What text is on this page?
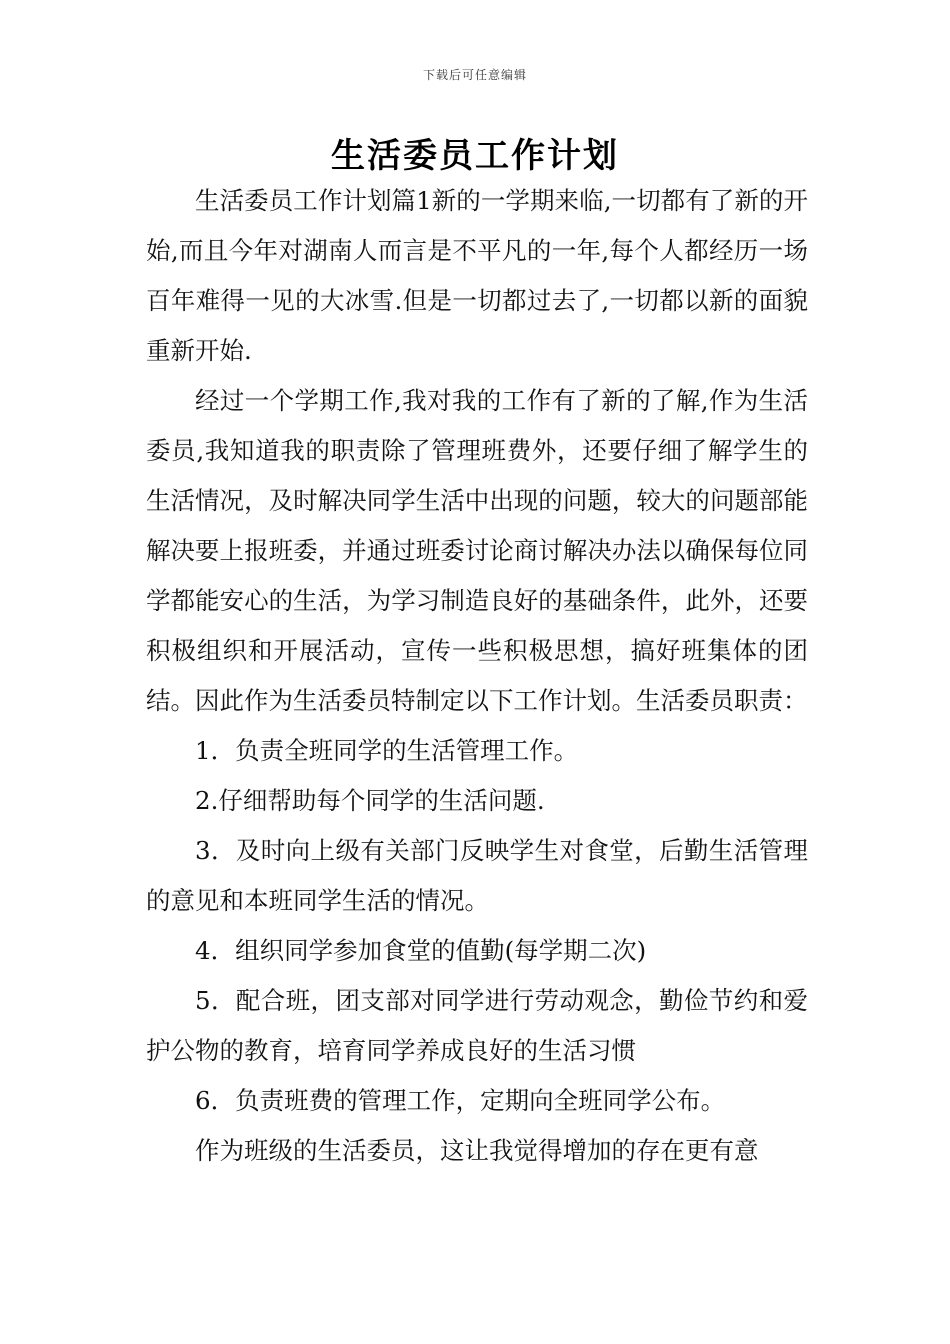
下载后可任意编辑
生活委员工作计划

生活委员工作计划篇1新的一学期来临,一切都有了新的开始,而且今年对湖南人而言是不平凡的一年,每个人都经历一场百年难得一见的大冰雪.但是一切都过去了,一切都以新的面貌重新开始.

经过一个学期工作,我对我的工作有了新的了解,作为生活委员,我知道我的职责除了管理班费外，还要仔细了解学生的生活情况，及时解决同学生活中出现的问题，较大的问题部能解决要上报班委，并通过班委讨论商讨解决办法以确保每位同学都能安心的生活，为学习制造良好的基础条件，此外，还要积极组织和开展活动，宣传一些积极思想，搞好班集体的团结。因此作为生活委员特制定以下工作计划。生活委员职责：

1．负责全班同学的生活管理工作。

2.仔细帮助每个同学的生活问题.

3．及时向上级有关部门反映学生对食堂，后勤生活管理的意见和本班同学生活的情况。

4．组织同学参加食堂的值勤(每学期二次)

5．配合班，团支部对同学进行劳动观念，勤俭节约和爱护公物的教育，培育同学养成良好的生活习惯

6．负责班费的管理工作，定期向全班同学公布。

作为班级的生活委员，这让我觉得增加的存在更有意
